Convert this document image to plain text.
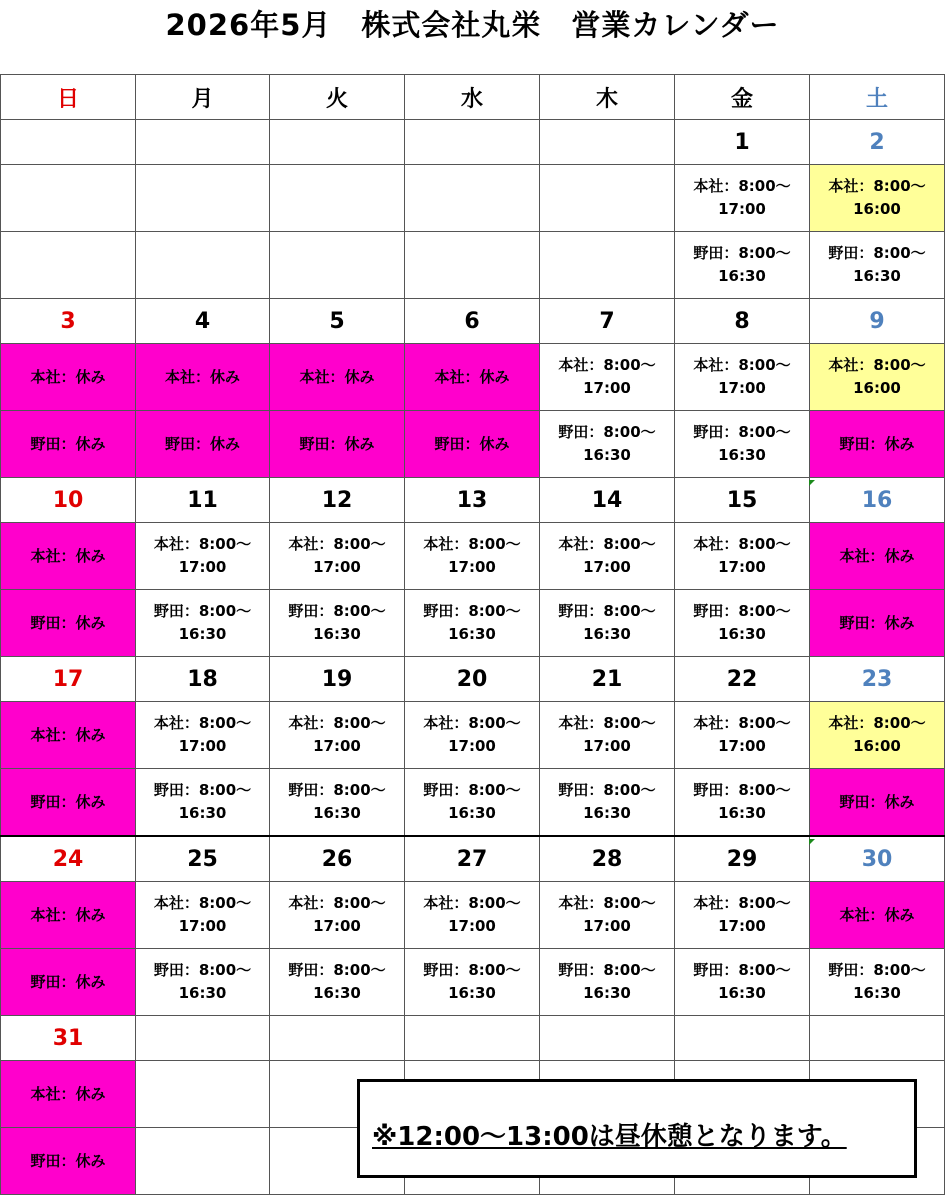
2026年5月　株式会社丸栄　営業カレンダー
日	月	火	水	木	金	土
					1	2
					本社：8:00～
17:00	本社：8:00～
16:00
					野田：8:00～
16:30	野田：8:00～
16:30
3	4	5	6	7	8	9
本社：休み	本社：休み	本社：休み	本社：休み	本社：8:00～
17:00	本社：8:00～
17:00	本社：8:00～
16:00
野田：休み	野田：休み	野田：休み	野田：休み	野田：8:00～
16:30	野田：8:00～
16:30	野田：休み
10	11	12	13	14	15	16
本社：休み	本社：8:00～
17:00	本社：8:00～
17:00	本社：8:00～
17:00	本社：8:00～
17:00	本社：8:00～
17:00	本社：休み
野田：休み	野田：8:00～
16:30	野田：8:00～
16:30	野田：8:00～
16:30	野田：8:00～
16:30	野田：8:00～
16:30	野田：休み
17	18	19	20	21	22	23
本社：休み	本社：8:00～
17:00	本社：8:00～
17:00	本社：8:00～
17:00	本社：8:00～
17:00	本社：8:00～
17:00	本社：8:00～
16:00
野田：休み	野田：8:00～
16:30	野田：8:00～
16:30	野田：8:00～
16:30	野田：8:00～
16:30	野田：8:00～
16:30	野田：休み
24	25	26	27	28	29	30
本社：休み	本社：8:00～
17:00	本社：8:00～
17:00	本社：8:00～
17:00	本社：8:00～
17:00	本社：8:00～
17:00	本社：休み
野田：休み	野田：8:00～
16:30	野田：8:00～
16:30	野田：8:00～
16:30	野田：8:00～
16:30	野田：8:00～
16:30	野田：8:00～
16:30
31						
本社：休み						
野田：休み						
※12:00～13:00は昼休憩となります。
